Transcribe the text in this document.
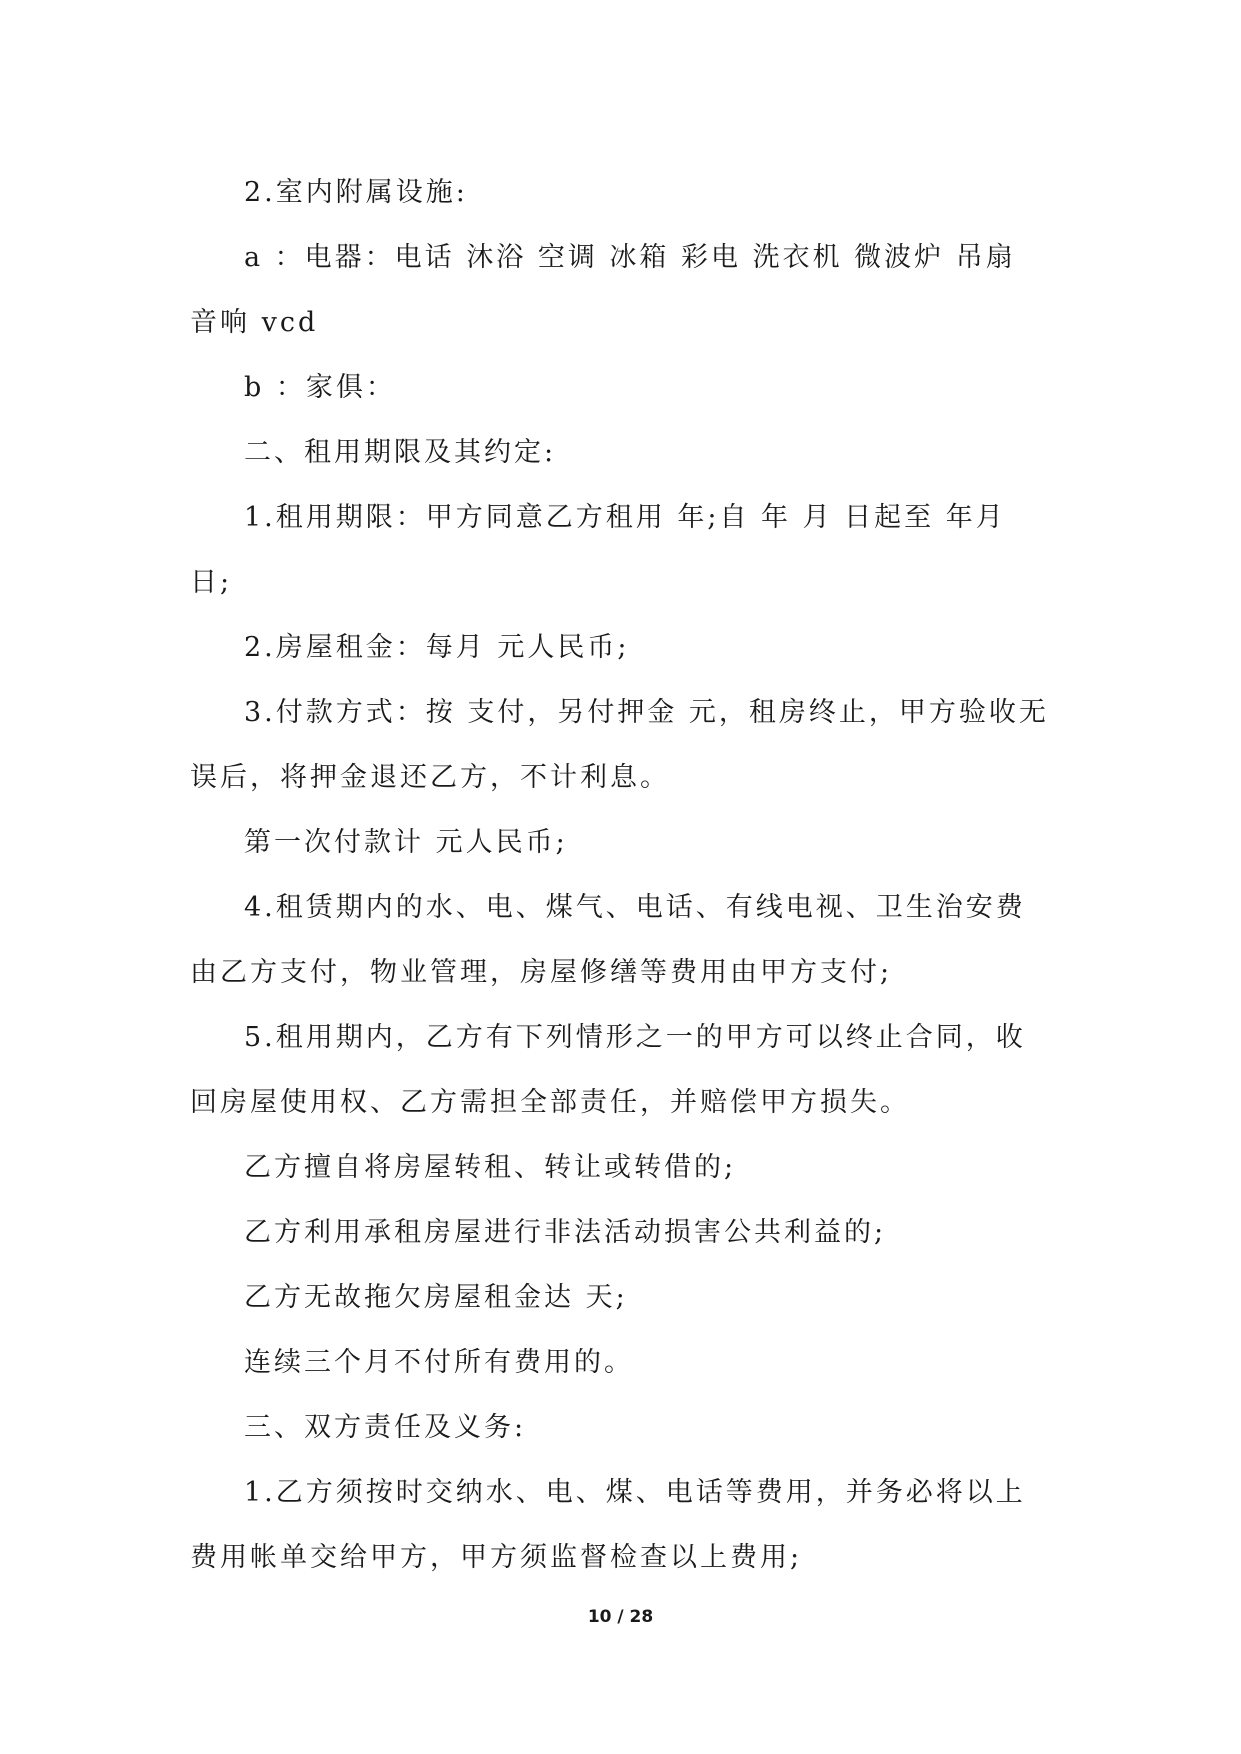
2.室内附属设施:

a ：电器：电话 沐浴 空调 冰箱 彩电 洗衣机 微波炉 吊扇 音响 vcd

b ：家俱：

二、租用期限及其约定:

1.租用期限：甲方同意乙方租用 年;自 年 月 日起至 年月 日;

2.房屋租金：每月 元人民币;

3.付款方式：按 支付，另付押金 元，租房终止，甲方验收无误后，将押金退还乙方，不计利息。

第一次付款计 元人民币;

4.租赁期内的水、电、煤气、电话、有线电视、卫生治安费由乙方支付，物业管理，房屋修缮等费用由甲方支付;

5.租用期内，乙方有下列情形之一的甲方可以终止合同，收回房屋使用权、乙方需担全部责任，并赔偿甲方损失。

乙方擅自将房屋转租、转让或转借的;

乙方利用承租房屋进行非法活动损害公共利益的;

乙方无故拖欠房屋租金达 天;

连续三个月不付所有费用的。

三、双方责任及义务:

1.乙方须按时交纳水、电、煤、电话等费用，并务必将以上费用帐单交给甲方，甲方须监督检查以上费用;

10 / 28
